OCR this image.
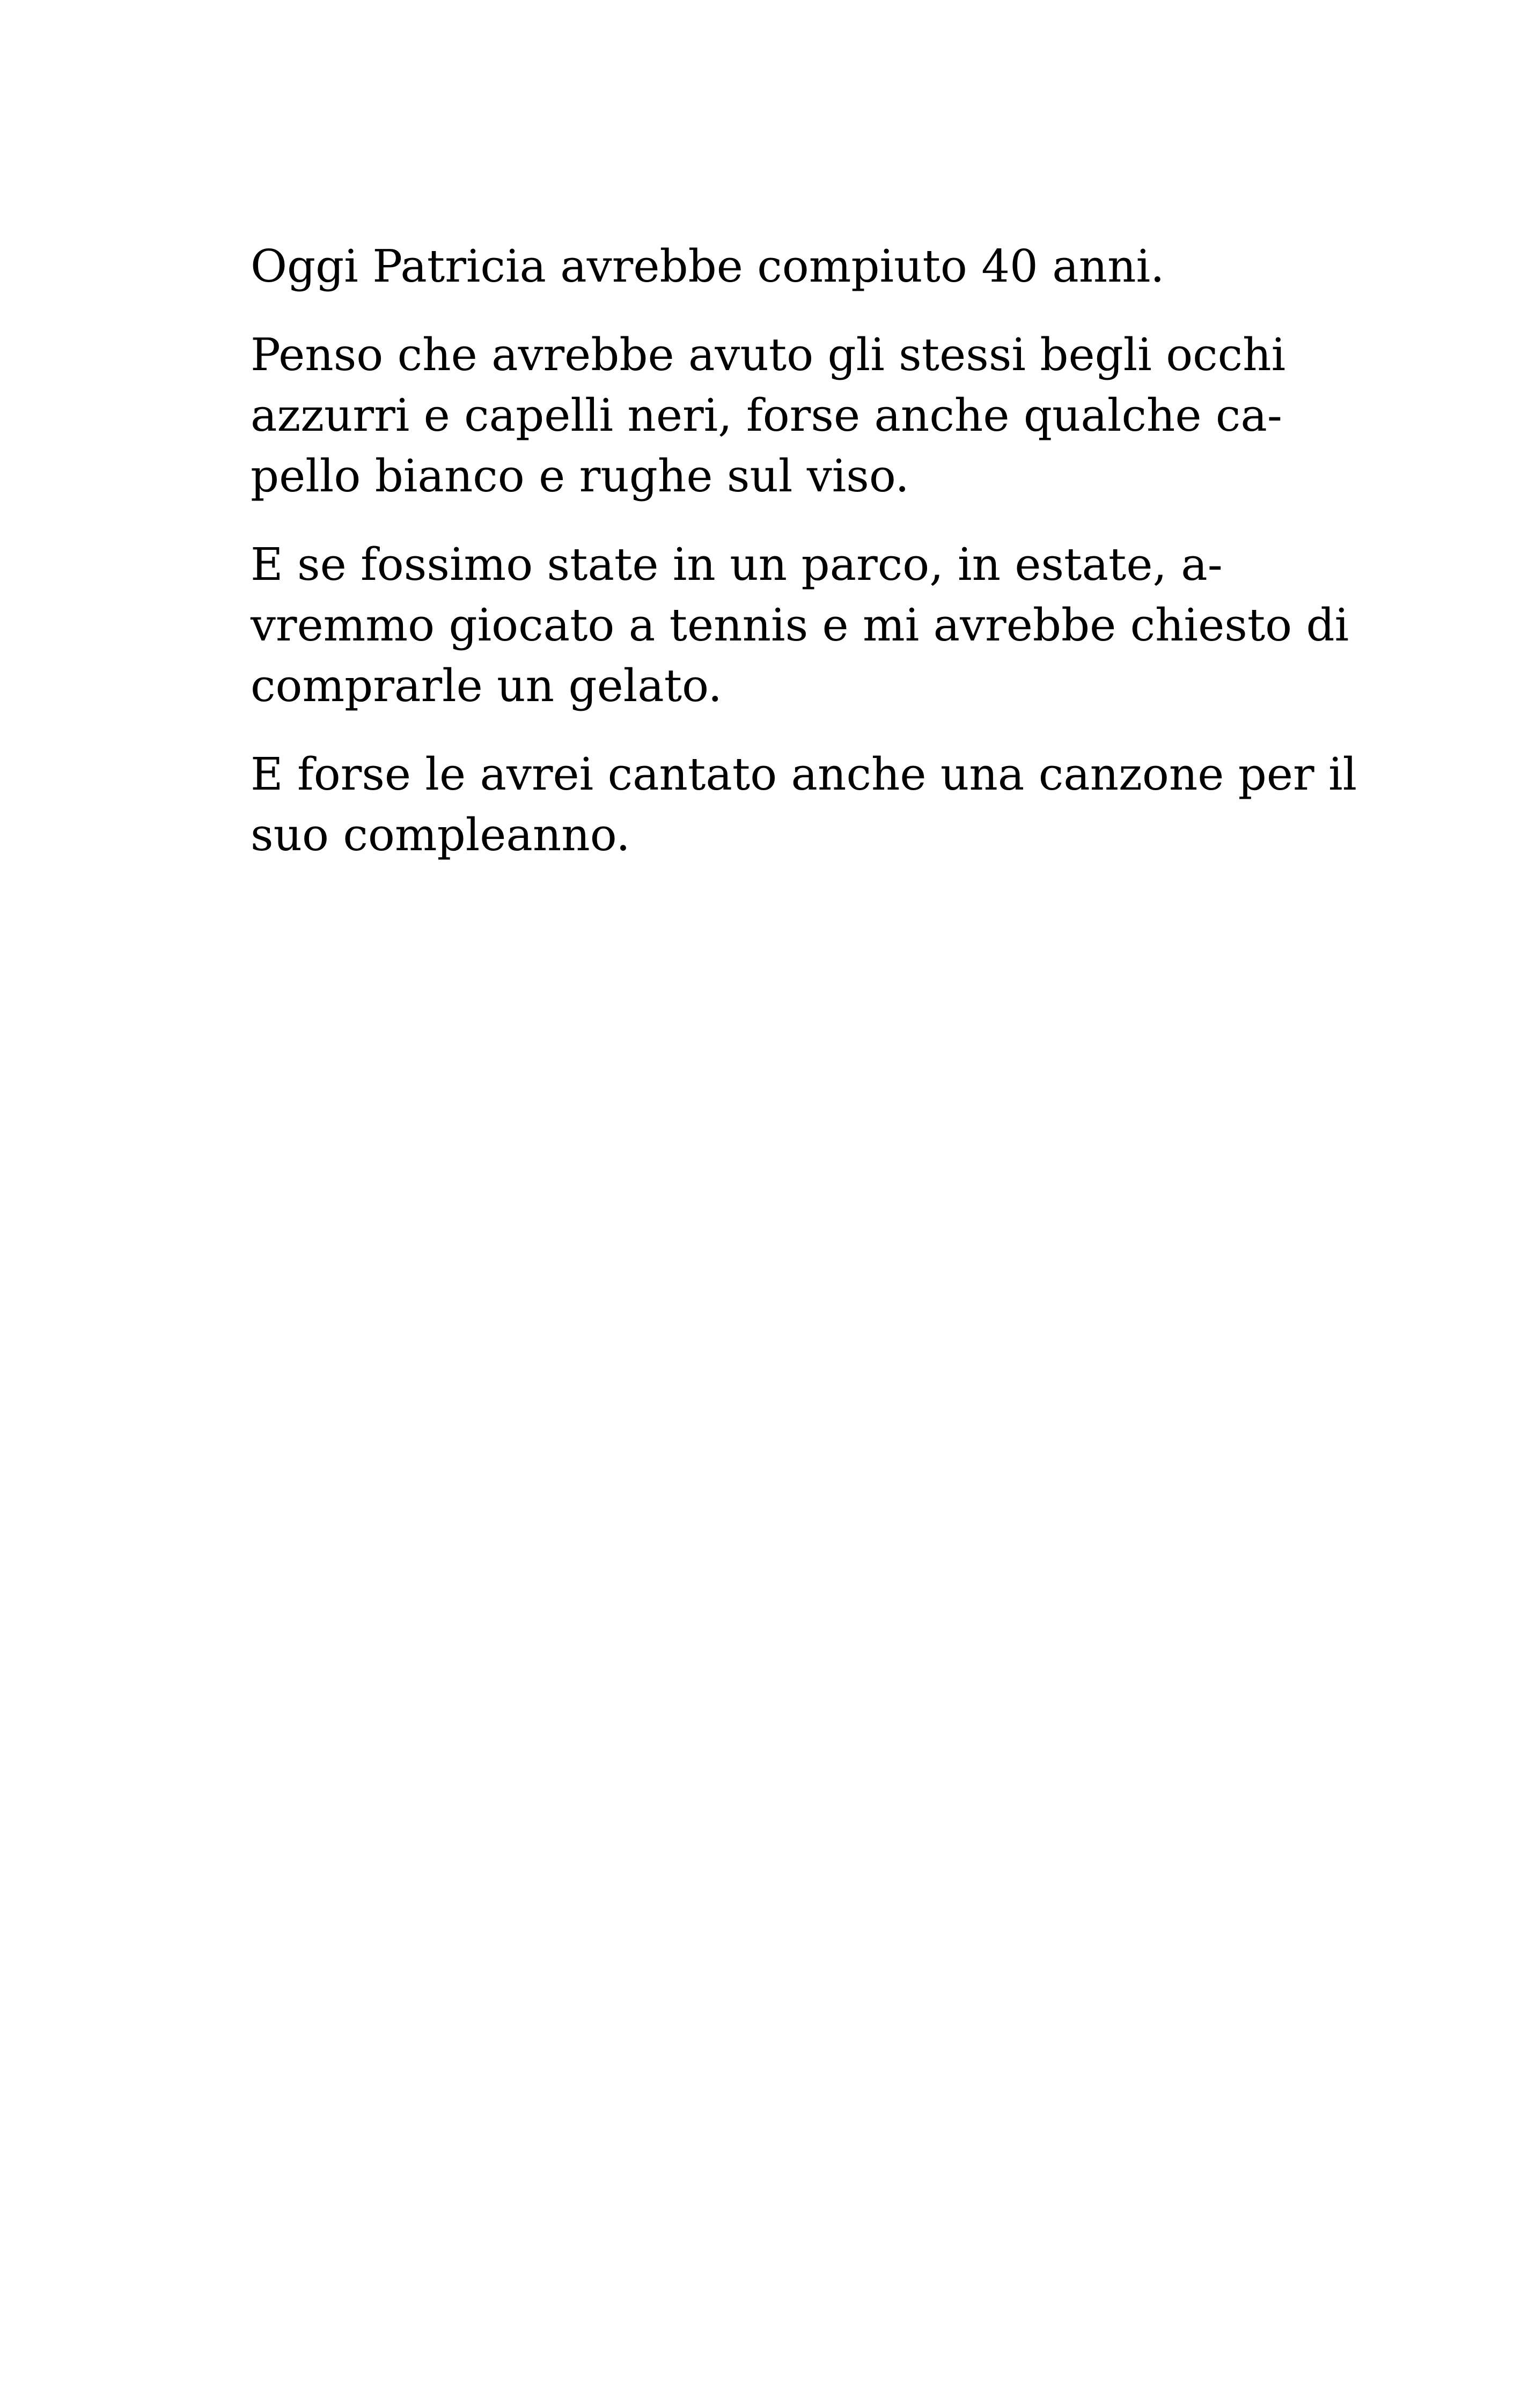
Oggi Patricia avrebbe compiuto 40 anni.

Penso che avrebbe avuto gli stessi begli occhi
azzurri e capelli neri, forse anche qualche ca-
pello bianco e rughe sul viso.

E se fossimo state in un parco, in estate, a-
vremmo giocato a tennis e mi avrebbe chiesto di
comprarle un gelato.

E forse le avrei cantato anche una canzone per il
suo compleanno.
